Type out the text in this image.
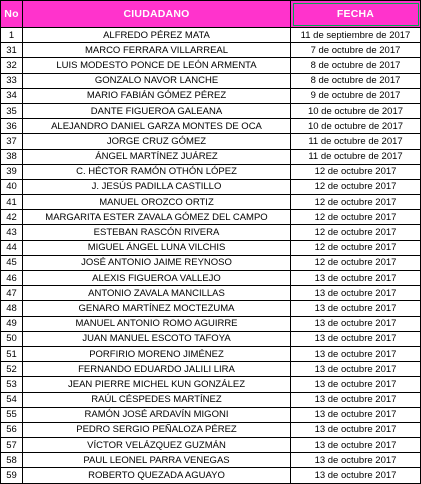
No	CIUDADANO	FECHA
1	ALFREDO PÉREZ MATA	11 de septiembre de 2017
31	MARCO FERRARA VILLARREAL	7 de octubre de 2017
32	LUIS MODESTO PONCE DE LEÓN ARMENTA	8 de octubre de 2017
33	GONZALO NAVOR LANCHE	8 de octubre de 2017
34	MARIO FABIÁN GÓMEZ PÉREZ	9 de octubre de 2017
35	DANTE FIGUEROA GALEANA	10 de octubre de 2017
36	ALEJANDRO DANIEL GARZA MONTES DE OCA	10 de octubre de 2017
37	JORGE CRUZ GÓMEZ	11 de octubre de 2017
38	ÁNGEL MARTÍNEZ JUÁREZ	11 de octubre de 2017
39	C. HÉCTOR RAMÓN OTHÓN LÓPEZ	12 de octubre 2017
40	J. JESÚS PADILLA CASTILLO	12 de octubre 2017
41	MANUEL OROZCO ORTIZ	12 de octubre 2017
42	MARGARITA ESTER ZAVALA GÓMEZ DEL CAMPO	12 de octubre 2017
43	ESTEBAN RASCÓN RIVERA	12 de octubre 2017
44	MIGUEL ÁNGEL LUNA VILCHIS	12 de octubre 2017
45	JOSÉ ANTONIO JAIME REYNOSO	12 de octubre 2017
46	ALEXIS FIGUEROA VALLEJO	13 de octubre 2017
47	ANTONIO ZAVALA MANCILLAS	13 de octubre 2017
48	GENARO MARTÍNEZ MOCTEZUMA	13 de octubre 2017
49	MANUEL ANTONIO ROMO AGUIRRE	13 de octubre 2017
50	JUAN MANUEL ESCOTO TAFOYA	13 de octubre 2017
51	PORFIRIO MORENO JIMÉNEZ	13 de octubre 2017
52	FERNANDO EDUARDO JALILI LIRA	13 de octubre 2017
53	JEAN PIERRE MICHEL KUN GONZÁLEZ	13 de octubre 2017
54	RAÚL CÉSPEDES MARTÍNEZ	13 de octubre 2017
55	RAMÓN JOSÉ ARDAVÍN MIGONI	13 de octubre 2017
56	PEDRO SERGIO PEÑALOZA PÉREZ	13 de octubre 2017
57	VÍCTOR VELÁZQUEZ GUZMÁN	13 de octubre 2017
58	PAUL LEONEL PARRA VENEGAS	13 de octubre 2017
59	ROBERTO QUEZADA AGUAYO	13 de octubre 2017
